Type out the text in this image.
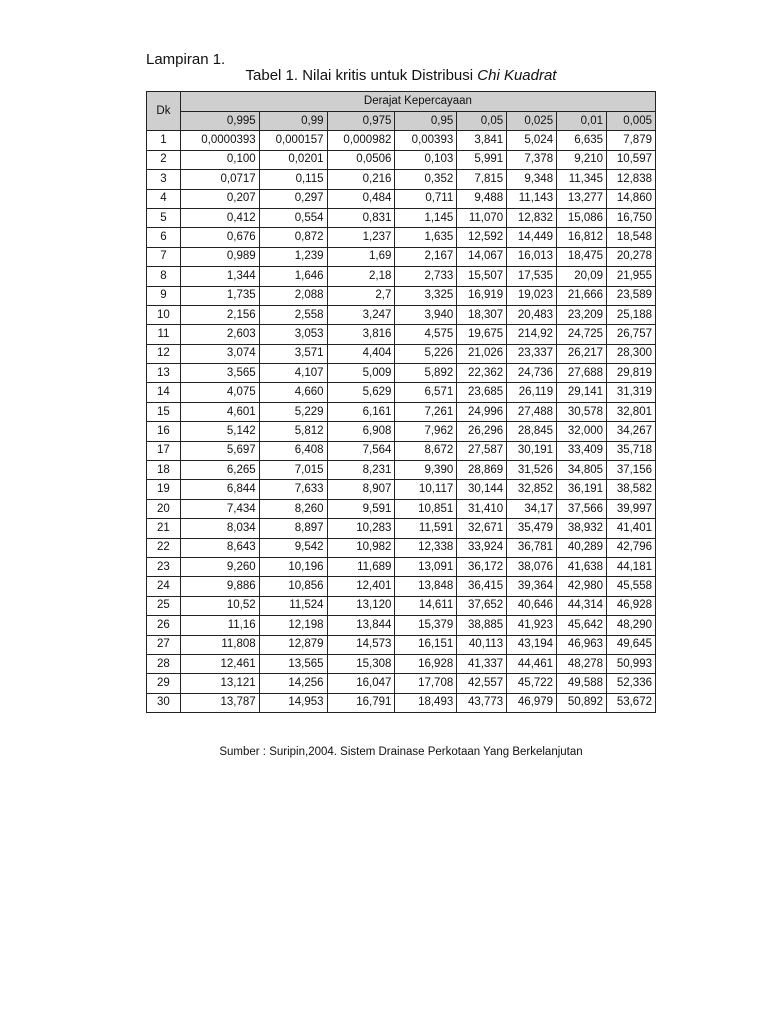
Lampiran 1.
Tabel 1. Nilai kritis untuk Distribusi Chi Kuadrat
Dk	Derajat Kepercayaan							
	0,995	0,99	0,975	0,95	0,05	0,025	0,01	0,005
1	0,0000393	0,000157	0,000982	0,00393	3,841	5,024	6,635	7,879
2	0,100	0,0201	0,0506	0,103	5,991	7,378	9,210	10,597
3	0,0717	0,115	0,216	0,352	7,815	9,348	11,345	12,838
4	0,207	0,297	0,484	0,711	9,488	11,143	13,277	14,860
5	0,412	0,554	0,831	1,145	11,070	12,832	15,086	16,750
6	0,676	0,872	1,237	1,635	12,592	14,449	16,812	18,548
7	0,989	1,239	1,69	2,167	14,067	16,013	18,475	20,278
8	1,344	1,646	2,18	2,733	15,507	17,535	20,09	21,955
9	1,735	2,088	2,7	3,325	16,919	19,023	21,666	23,589
10	2,156	2,558	3,247	3,940	18,307	20,483	23,209	25,188
11	2,603	3,053	3,816	4,575	19,675	214,92	24,725	26,757
12	3,074	3,571	4,404	5,226	21,026	23,337	26,217	28,300
13	3,565	4,107	5,009	5,892	22,362	24,736	27,688	29,819
14	4,075	4,660	5,629	6,571	23,685	26,119	29,141	31,319
15	4,601	5,229	6,161	7,261	24,996	27,488	30,578	32,801
16	5,142	5,812	6,908	7,962	26,296	28,845	32,000	34,267
17	5,697	6,408	7,564	8,672	27,587	30,191	33,409	35,718
18	6,265	7,015	8,231	9,390	28,869	31,526	34,805	37,156
19	6,844	7,633	8,907	10,117	30,144	32,852	36,191	38,582
20	7,434	8,260	9,591	10,851	31,410	34,17	37,566	39,997
21	8,034	8,897	10,283	11,591	32,671	35,479	38,932	41,401
22	8,643	9,542	10,982	12,338	33,924	36,781	40,289	42,796
23	9,260	10,196	11,689	13,091	36,172	38,076	41,638	44,181
24	9,886	10,856	12,401	13,848	36,415	39,364	42,980	45,558
25	10,52	11,524	13,120	14,611	37,652	40,646	44,314	46,928
26	11,16	12,198	13,844	15,379	38,885	41,923	45,642	48,290
27	11,808	12,879	14,573	16,151	40,113	43,194	46,963	49,645
28	12,461	13,565	15,308	16,928	41,337	44,461	48,278	50,993
29	13,121	14,256	16,047	17,708	42,557	45,722	49,588	52,336
30	13,787	14,953	16,791	18,493	43,773	46,979	50,892	53,672
Sumber : Suripin,2004. Sistem Drainase Perkotaan Yang Berkelanjutan
